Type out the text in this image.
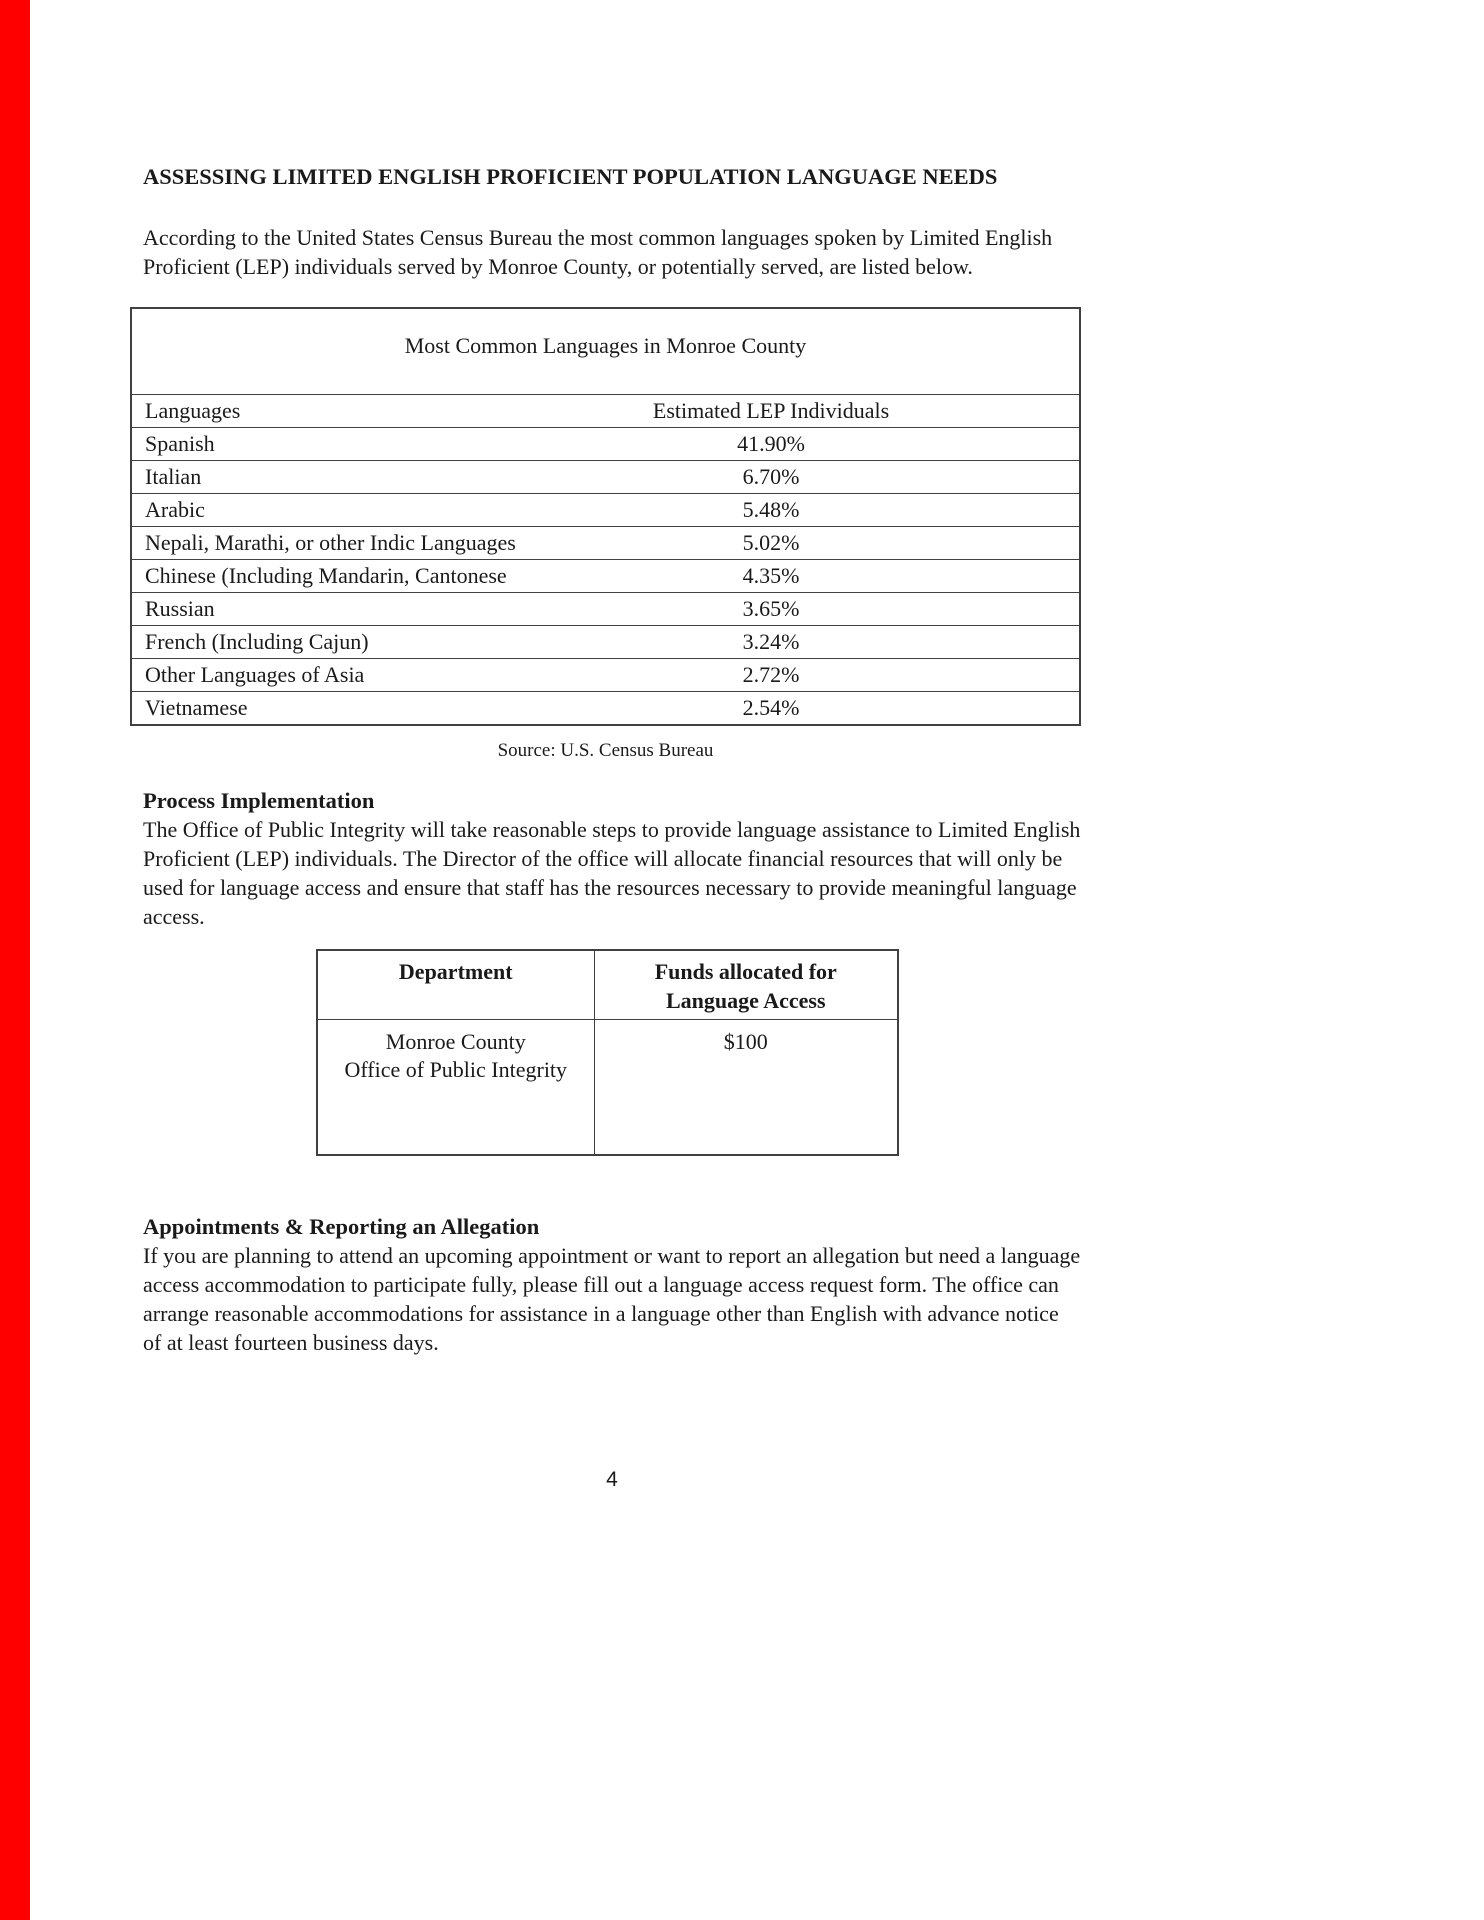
ASSESSING LIMITED ENGLISH PROFICIENT POPULATION LANGUAGE NEEDS

According to the United States Census Bureau the most common languages spoken by Limited English Proficient (LEP) individuals served by Monroe County, or potentially served, are listed below.

Most Common Languages in Monroe County	
Languages	Estimated LEP Individuals
Spanish	41.90%
Italian	6.70%
Arabic	5.48%
Nepali, Marathi, or other Indic Languages	5.02%
Chinese (Including Mandarin, Cantonese	4.35%
Russian	3.65%
French (Including Cajun)	3.24%
Other Languages of Asia	2.72%
Vietnamese	2.54%
Source: U.S. Census Bureau
Process Implementation

The Office of Public Integrity will take reasonable steps to provide language assistance to Limited English Proficient (LEP) individuals. The Director of the office will allocate financial resources that will only be used for language access and ensure that staff has the resources necessary to provide meaningful language access.

Department	Funds allocated for
Language Access

Monroe County
Office of Public Integrity	$100
Appointments & Reporting an Allegation

If you are planning to attend an upcoming appointment or want to report an allegation but need a language access accommodation to participate fully, please fill out a language access request form. The office can arrange reasonable accommodations for assistance in a language other than English with advance notice of at least fourteen business days.

4
